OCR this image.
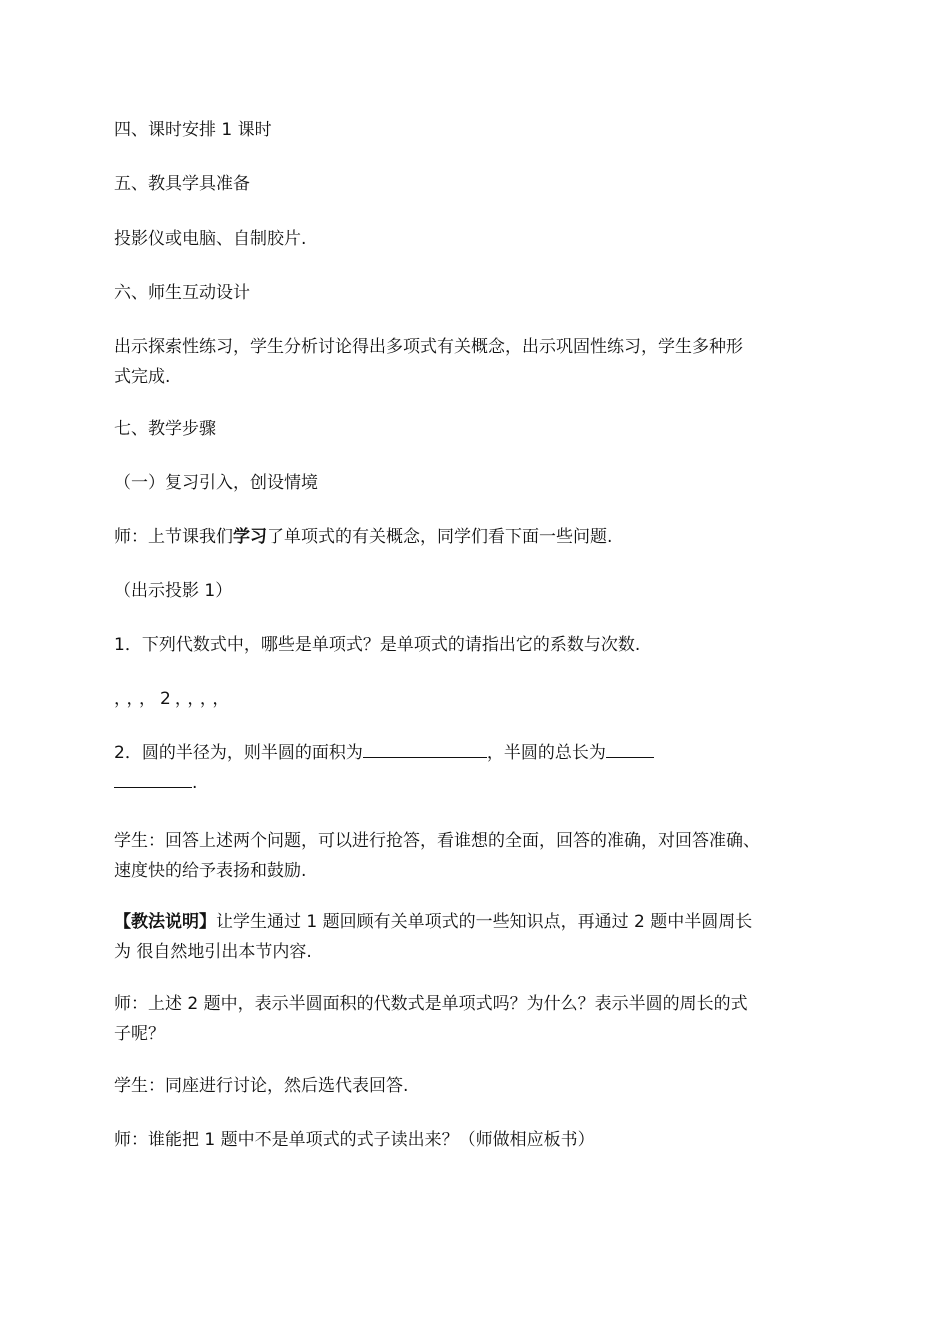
四、课时安排 1 课时

五、教具学具准备

投影仪或电脑、自制胶片.

六、师生互动设计

出示探索性练习，学生分析讨论得出多项式有关概念，出示巩固性练习，学生多种形
式完成.

七、教学步骤

（一）复习引入，创设情境

师：上节课我们学习了单项式的有关概念，同学们看下面一些问题.

（出示投影 1）

1．下列代数式中，哪些是单项式？是单项式的请指出它的系数与次数.

，，，2，，，，

2．圆的半径为，则半圆的面积为	，半圆的总长为
.

学生：回答上述两个问题，可以进行抢答，看谁想的全面，回答的准确，对回答准确、
速度快的给予表扬和鼓励.

【教法说明】让学生通过 1 题回顾有关单项式的一些知识点，再通过 2 题中半圆周长
为 很自然地引出本节内容.

师：上述 2 题中，表示半圆面积的代数式是单项式吗？为什么？表示半圆的周长的式
子呢？

学生：同座进行讨论，然后选代表回答.

师：谁能把 1 题中不是单项式的式子读出来？（师做相应板书）
